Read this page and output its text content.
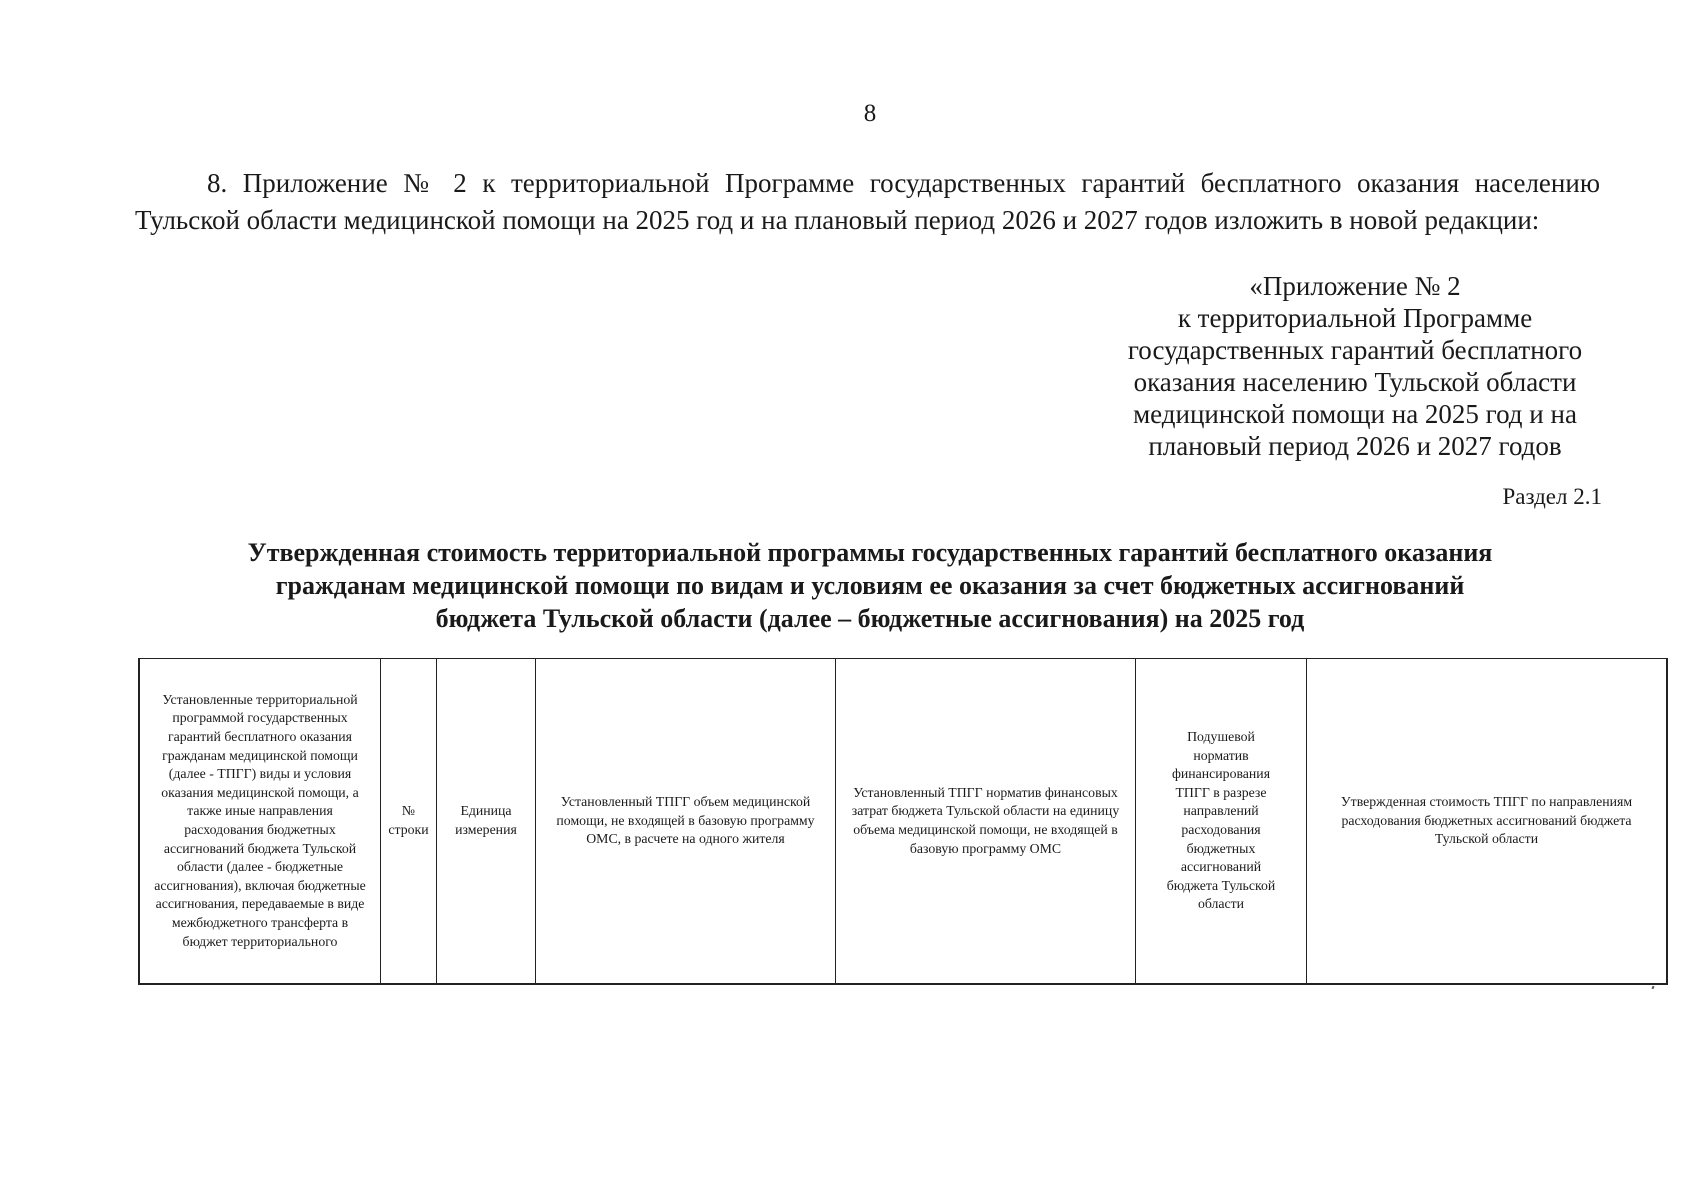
8
8. Приложение № 2 к территориальной Программе государственных гарантий бесплатного оказания населению Тульской области медицинской помощи на 2025 год и на плановый период 2026 и 2027 годов изложить в новой редакции:
«Приложение № 2
к территориальной Программе
государственных гарантий бесплатного
оказания населению Тульской области
медицинской помощи на 2025 год и на
плановый период 2026 и 2027 годов
Раздел 2.1
Утвержденная стоимость территориальной программы государственных гарантий бесплатного оказания
гражданам медицинской помощи по видам и условиям ее оказания за счет бюджетных ассигнований
бюджета Тульской области (далее – бюджетные ассигнования) на 2025 год
Установленные территориальной программой государственных гарантий бесплатного оказания гражданам медицинской помощи (далее - ТПГГ) виды и условия оказания медицинской помощи, а также иные направления расходования бюджетных ассигнований бюджета Тульской области (далее - бюджетные ассигнования), включая бюджетные ассигнования, передаваемые в виде межбюджетного трансферта в бюджет территориального
№ строки
Единица измерения
Установленный ТПГГ объем медицинской помощи, не входящей в базовую программу ОМС, в расчете на одного жителя
Установленный ТПГГ норматив финансовых затрат бюджета Тульской области на единицу объема медицинской помощи, не входящей в базовую программу ОМС
Подушевой норматив финансирования ТПГГ в разрезе направлений расходования бюджетных ассигнований бюджета Тульской области
Утвержденная стоимость ТПГГ по направлениям расходования бюджетных ассигнований бюджета Тульской области
